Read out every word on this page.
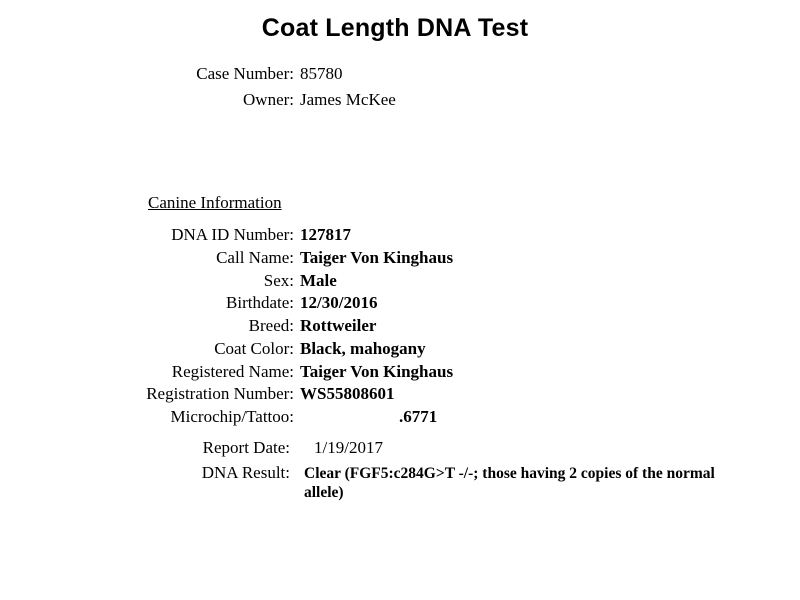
Coat Length DNA Test
Case Number: 85780
Owner: James McKee
Canine Information
DNA ID Number: 127817
Call Name: Taiger Von Kinghaus
Sex: Male
Birthdate: 12/30/2016
Breed: Rottweiler
Coat Color: Black, mahogany
Registered Name: Taiger Von Kinghaus
Registration Number: WS55808601
Microchip/Tattoo:	.6771
Report Date: 1/19/2017
DNA Result: Clear (FGF5:c284G>T -/-; those having 2 copies of the normal allele)
